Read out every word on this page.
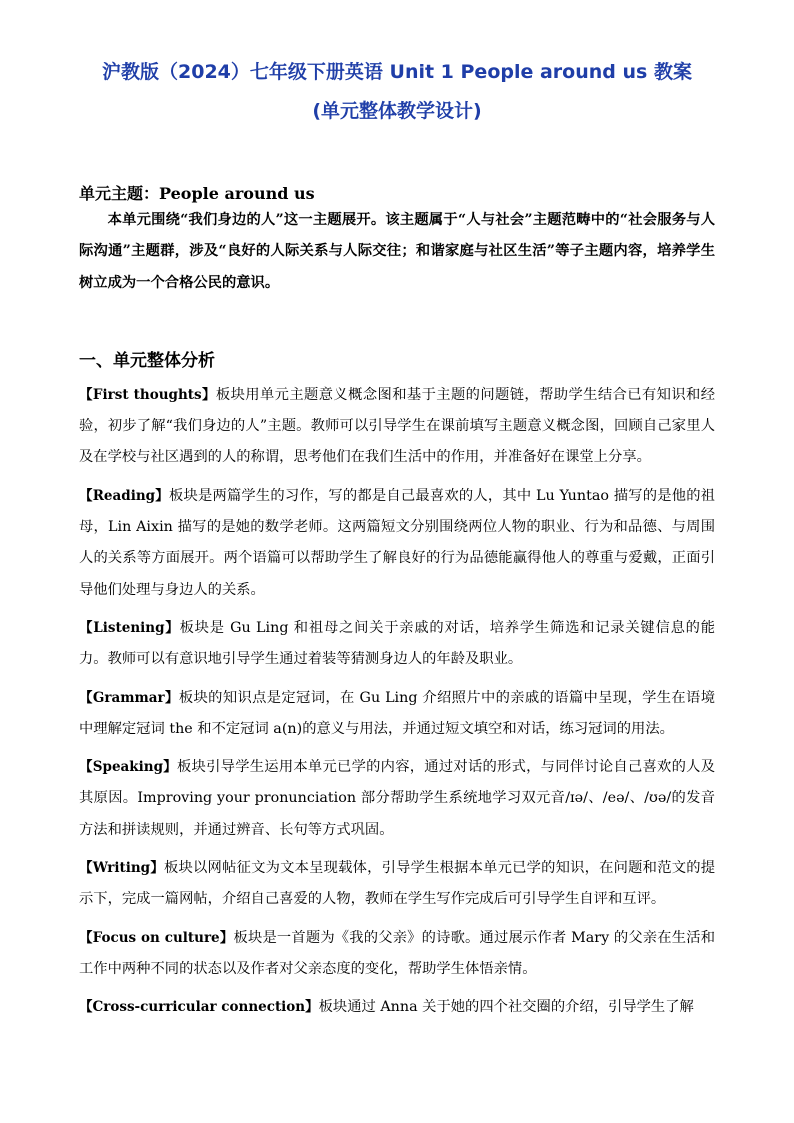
沪教版（2024）七年级下册英语 Unit 1 People around us 教案
(单元整体教学设计)
单元主题：People around us

本单元围绕“我们身边的人”这一主题展开。该主题属于“人与社会”主题范畴中的“社会服务与人际沟通”主题群，涉及“良好的人际关系与人际交往；和谐家庭与社区生活”等子主题内容，培养学生树立成为一个合格公民的意识。

一、单元整体分析

【First thoughts】板块用单元主题意义概念图和基于主题的问题链，帮助学生结合已有知识和经验，初步了解“我们身边的人”主题。教师可以引导学生在课前填写主题意义概念图，回顾自己家里人及在学校与社区遇到的人的称谓，思考他们在我们生活中的作用，并准备好在课堂上分享。

【Reading】板块是两篇学生的习作，写的都是自己最喜欢的人，其中 Lu Yuntao 描写的是他的祖母，Lin Aixin 描写的是她的数学老师。这两篇短文分别围绕两位人物的职业、行为和品德、与周围人的关系等方面展开。两个语篇可以帮助学生了解良好的行为品德能赢得他人的尊重与爱戴，正面引导他们处理与身边人的关系。

【Listening】板块是 Gu Ling 和祖母之间关于亲戚的对话，培养学生筛选和记录关键信息的能力。教师可以有意识地引导学生通过着装等猜测身边人的年龄及职业。

【Grammar】板块的知识点是定冠词，在 Gu Ling 介绍照片中的亲戚的语篇中呈现，学生在语境中理解定冠词 the 和不定冠词 a(n)的意义与用法，并通过短文填空和对话，练习冠词的用法。

【Speaking】板块引导学生运用本单元已学的内容，通过对话的形式，与同伴讨论自己喜欢的人及其原因。Improving your pronunciation 部分帮助学生系统地学习双元音/ɪə/、/eə/、/ʊə/的发音方法和拼读规则，并通过辨音、长句等方式巩固。

【Writing】板块以网帖征文为文本呈现载体，引导学生根据本单元已学的知识，在问题和范文的提示下，完成一篇网帖，介绍自己喜爱的人物，教师在学生写作完成后可引导学生自评和互评。

【Focus on culture】板块是一首题为《我的父亲》的诗歌。通过展示作者 Mary 的父亲在生活和工作中两种不同的状态以及作者对父亲态度的变化，帮助学生体悟亲情。

【Cross-curricular connection】板块通过 Anna 关于她的四个社交圈的介绍，引导学生了解
